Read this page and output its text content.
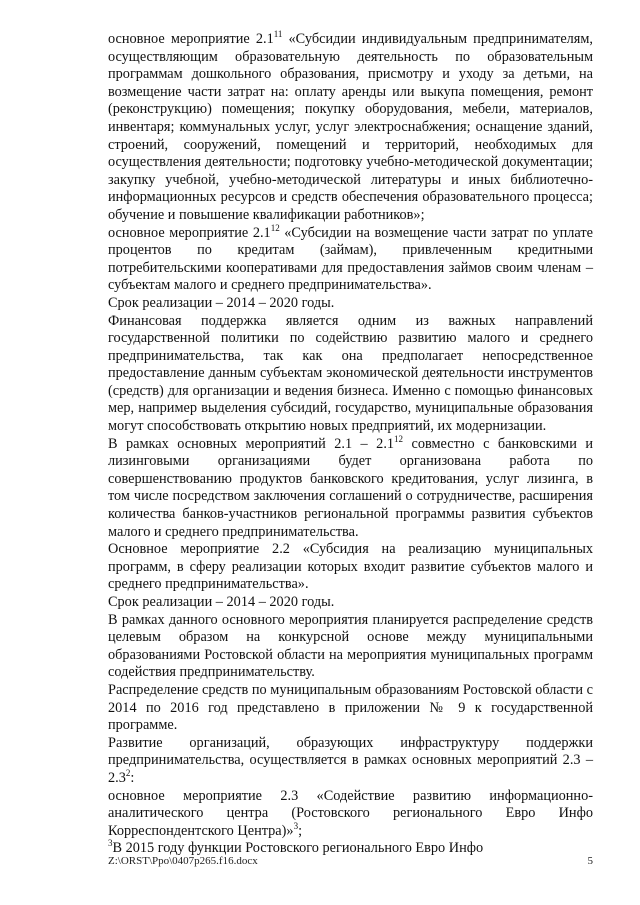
основное мероприятие $2.1^{11}$ «Субсидии индивидуальным предпринимателям, осуществляющим образовательную деятельность по образовательным программам дошкольного образования, присмотру и уходу за детьми, на возмещение части затрат на: оплату аренды или выкупа помещения, ремонт (реконструкцию) помещения; покупку оборудования, мебели, материалов, инвентаря; коммунальных услуг, услуг электроснабжения; оснащение зданий, строений, сооружений, помещений и территорий, необходимых для осуществления деятельности; подготовку учебно-методической документации; закупку учебной, учебно-методической литературы и иных библиотечно-информационных ресурсов и средств обеспечения образовательного процесса; обучение и повышение квалификации работников»;

основное мероприятие $2.1^{12}$ «Субсидии на возмещение части затрат по уплате процентов по кредитам (займам), привлеченным кредитными потребительскими кооперативами для предоставления займов своим членам – субъектам малого и среднего предпринимательства».

Срок реализации – 2014 – 2020 годы.

Финансовая поддержка является одним из важных направлений государственной политики по содействию развитию малого и среднего предпринимательства, так как она предполагает непосредственное предоставление данным субъектам экономической деятельности инструментов (средств) для организации и ведения бизнеса. Именно с помощью финансовых мер, например выделения субсидий, государство, муниципальные образования могут способствовать открытию новых предприятий, их модернизации.

В рамках основных мероприятий $2.1 - 2.1^{12}$ совместно с банковскими и лизинговыми организациями будет организована работа по совершенствованию продуктов банковского кредитования, услуг лизинга, в том числе посредством заключения соглашений о сотрудничестве, расширения количества банков-участников региональной программы развития субъектов малого и среднего предпринимательства.

Основное мероприятие 2.2 «Субсидия на реализацию муниципальных программ, в сферу реализации которых входит развитие субъектов малого и среднего предпринимательства».

Срок реализации – 2014 – 2020 годы.

В рамках данного основного мероприятия планируется распределение средств целевым образом на конкурсной основе между муниципальными образованиями Ростовской области на мероприятия муниципальных программ содействия предпринимательству.

Распределение средств по муниципальным образованиям Ростовской области с 2014 по 2016 год представлено в приложении № 9 к государственной программе.

Развитие организаций, образующих инфраструктуру поддержки предпринимательства, осуществляется в рамках основных мероприятий $2.3 - 2.3^2$:

основное мероприятие 2.3 «Содействие развитию информационно-аналитического центра (Ростовского регионального Евро Инфо Корреспондентского Центра)»$^3$;

$^3$В 2015 году функции Ростовского регионального Евро Инфо

Z:\ORST\Ppo\0407p265.f16.docx	5
